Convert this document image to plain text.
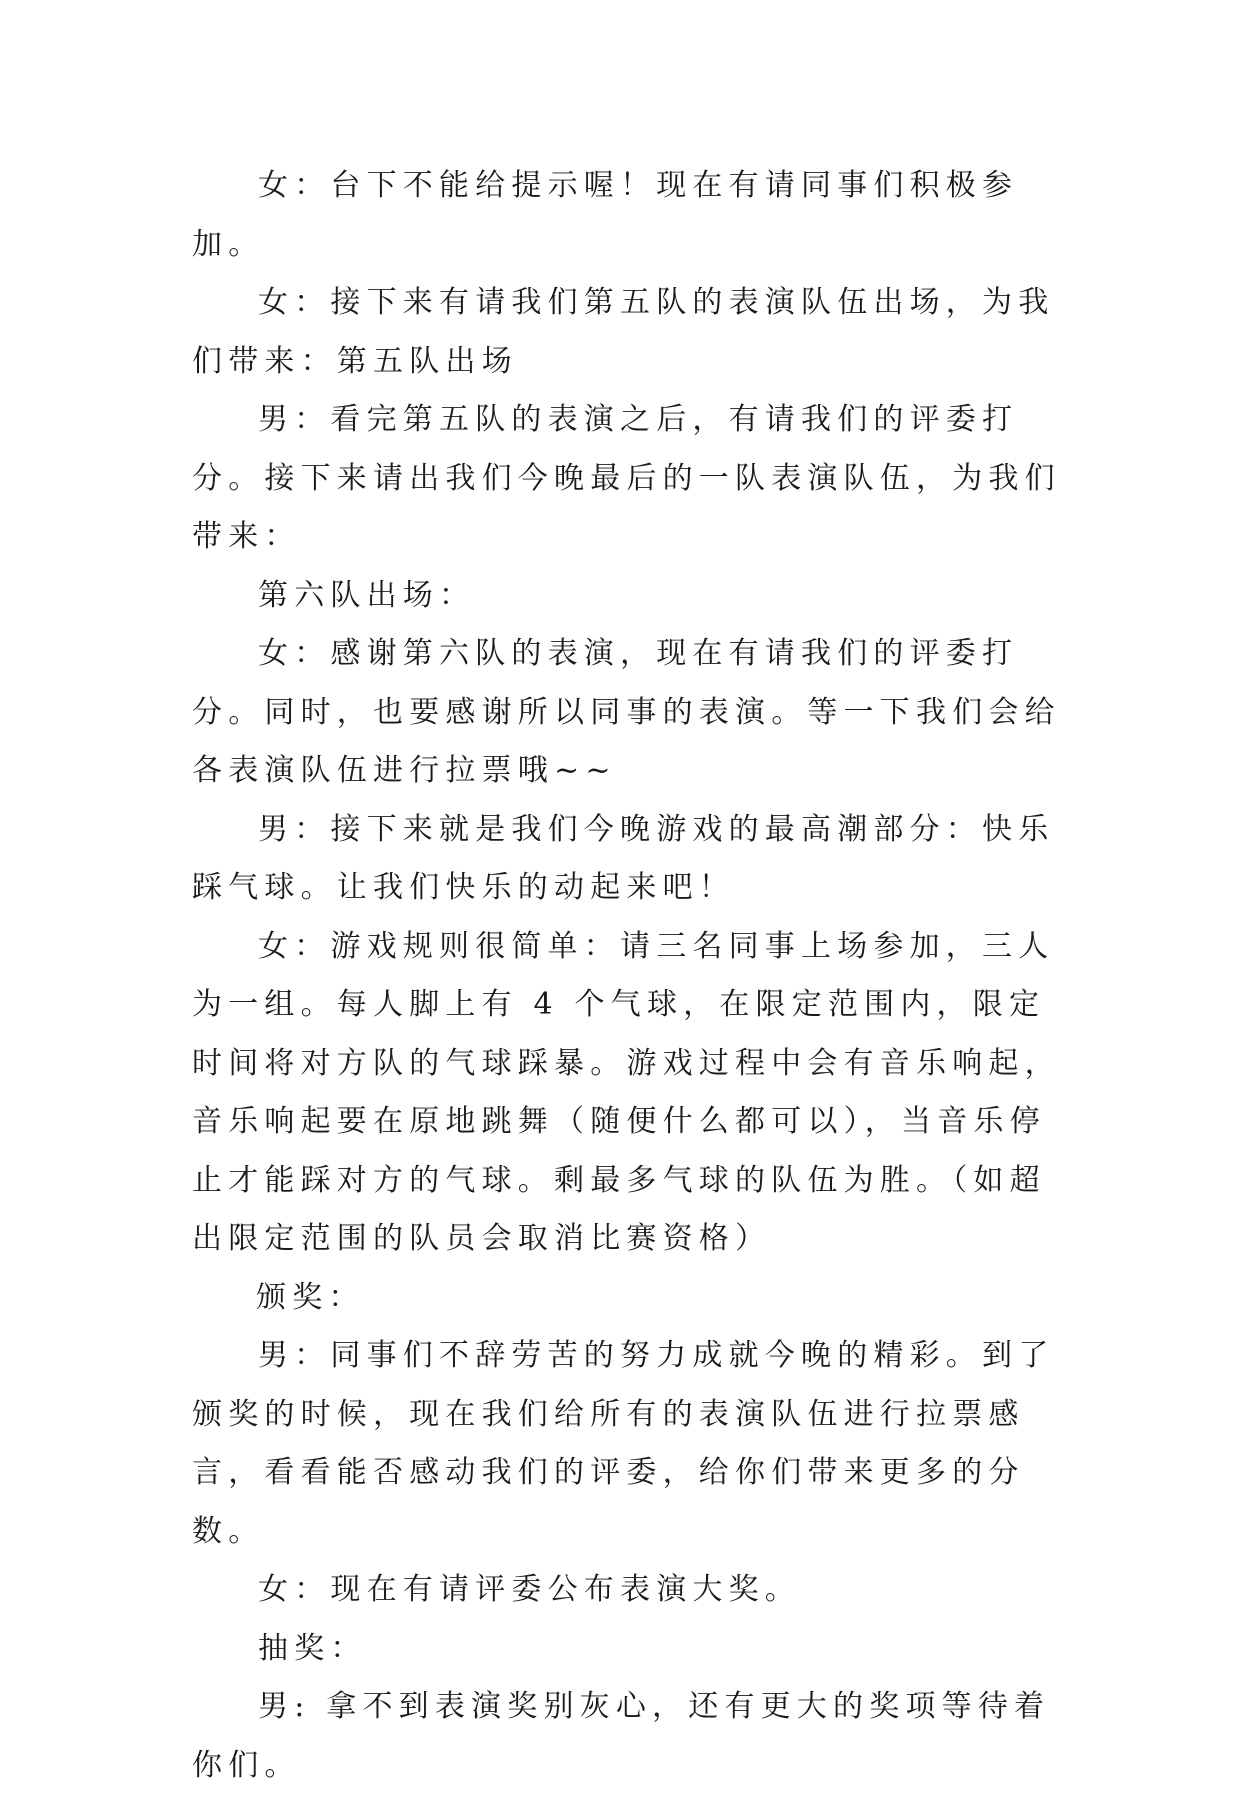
女：台下不能给提示喔！现在有请同事们积极参加。

女：接下来有请我们第五队的表演队伍出场，为我们带来：第五队出场

男：看完第五队的表演之后，有请我们的评委打分。接下来请出我们今晚最后的一队表演队伍，为我们带来：

第六队出场：

女：感谢第六队的表演，现在有请我们的评委打分。同时，也要感谢所以同事的表演。等一下我们会给各表演队伍进行拉票哦~~

男：接下来就是我们今晚游戏的最高潮部分：快乐踩气球。让我们快乐的动起来吧！

女：游戏规则很简单：请三名同事上场参加，三人为一组。每人脚上有 4 个气球，在限定范围内，限定时间将对方队的气球踩暴。游戏过程中会有音乐响起，音乐响起要在原地跳舞（随便什么都可以），当音乐停止才能踩对方的气球。剩最多气球的队伍为胜。（如超出限定范围的队员会取消比赛资格）

颁奖：

男：同事们不辞劳苦的努力成就今晚的精彩。到了颁奖的时候，现在我们给所有的表演队伍进行拉票感言，看看能否感动我们的评委，给你们带来更多的分数。

女：现在有请评委公布表演大奖。

抽奖：

男: 拿不到表演奖别灰心，还有更大的奖项等待着你们。
